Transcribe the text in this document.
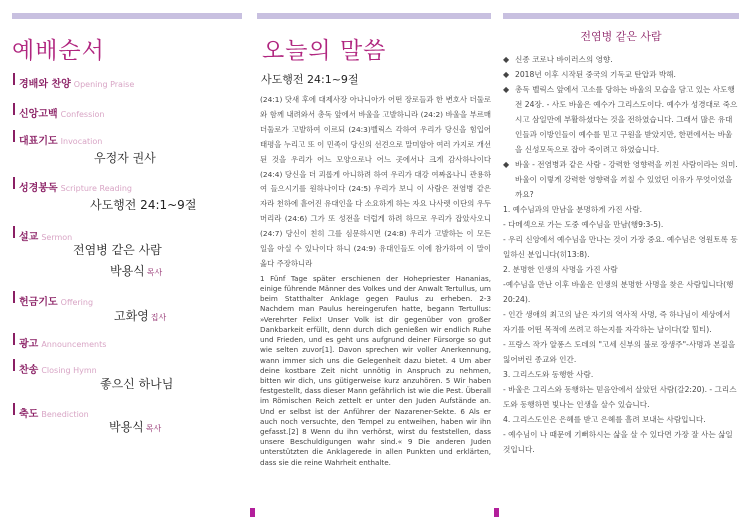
예배순서
경배와 찬양 Opening Praise
신앙고백 Confession
대표기도 Invocation
우정자 권사
성경봉독 Scripture Reading
사도행전 24:1~9절
설교 Sermon
전염병 같은 사람
박용식 목사
헌금기도 Offering
고화영 집사
광고 Announcements
찬송 Closing Hymn
좋으신 하나님
축도 Benediction
박용식 목사
오늘의 말씀
사도행전 24:1~9절
(24:1) 닷새 후에 대제사장 아나니아가 어떤 장로들과 한 변호사 더둘로와 함께 내려와서 총독 앞에서 바울을 고발하니라 (24:2) 바울을 부르매 더둘로가 고발하여 이르되 (24:3)벨릭스 각하여 우리가 당신을 힘입어 태평을 누리고 또 이 민족이 당신의 선견으로 말미암아 여러 가지로 개선된 것을 우리가 어느 모양으로나 어느 곳에서나 크게 감사하나이다 (24:4) 당신을 더 괴롭게 아니하려 하여 우리가 대강 여짜옵나니 관용하여 들으시기를 원하나이다 (24:5) 우리가 보니 이 사람은 전염병 같은 자라 천하에 흩어진 유대인을 다 소요하게 하는 자요 나사렛 이단의 우두머리라 (24:6) 그가 또 성전을 더럽게 하려 하므로 우리가 잡았사오니 (24:7) 당신이 친히 그를 심문하시면 (24:8) 우리가 고발하는 이 모든 일을 아실 수 있나이다 하니 (24:9) 유대인들도 이에 참가하여 이 말이 옳다 주장하니라
1 Fünf Tage später erschienen der Hohepriester Hananias, einige führende Männer des Volkes und der Anwalt Tertullus, um beim Statthalter Anklage gegen Paulus zu erheben. 2-3 Nachdem man Paulus hereingerufen hatte, begann Tertullus: »Verehrter Felix! Unser Volk ist dir gegenüber von großer Dankbarkeit erfüllt, denn durch dich genießen wir endlich Ruhe und Frieden, und es geht uns aufgrund deiner Fürsorge so gut wie selten zuvor[1]. Davon sprechen wir voller Anerkennung, wann immer sich uns die Gelegenheit dazu bietet. 4 Um aber deine kostbare Zeit nicht unnötig in Anspruch zu nehmen, bitten wir dich, uns gütigerweise kurz anzuhören. 5 Wir haben festgestellt, dass dieser Mann gefährlich ist wie die Pest. Überall im Römischen Reich zettelt er unter den Juden Aufstände an. Und er selbst ist der Anführer der Nazarener-Sekte. 6 Als er auch noch versuchte, den Tempel zu entweihen, haben wir ihn gefasst.[2] 8 Wenn du ihn verhörst, wirst du feststellen, dass unsere Beschuldigungen wahr sind.« 9 Die anderen Juden unterstützten die Anklagerede in allen Punkten und erklärten, dass sie die reine Wahrheit enthalte.
전염병 같은 사람
◆ 신종 코로나 바이러스의 영향.
◆ 2018년 이후 시작된 중국의 기독교 탄압과 박해.
◆ 총독 벨릭스 앞에서 고소를 당하는 바울의 모습을 담고 있는 사도행전 24장. - 사도 바울은 예수가 그리스도이다. 예수가 성경대로 죽으시고 삼일만에 부활하셨다는 것을 전하였습니다. 그래서 많은 유대인들과 이방인들이 예수를 믿고 구원을 받았지만, 한편에서는 바울을 신성모독으로 잡아 죽이려고 하였습니다.
◆ 바울 - 전염병과 같은 사람 - 강력한 영향력을 끼친 사람이라는 의미. 바울이 이렇게 강력한 영향력을 끼칠 수 있었던 이유가 무엇이었을까요?
1. 예수님과의 만남을 분명하게 가진 사람.
- 다메섹으로 가는 도중 예수님을 만남(행9:3-5).
- 우리 신앙에서 예수님을 만나는 것이 가장 중요. 예수님은 영원토록 동일하신 분입니다(히13:8).
2. 분명한 인생의 사명을 가진 사람
-예수님을 만난 이후 바울은 인생의 분명한 사명을 찾은 사람입니다(행20:24).
- 인간 생애의 최고의 날은 자기의 역사적 사명, 즉 하나님이 세상에서 자기를 어떤 목적에 쓰려고 하는지를 자각하는 날이다(칼 힐티).
- 프랑스 작가 알퐁스 도데의 "고세 신부의 불로 장생주"-사명과 본질을 잃어버린 종교와 인간.
3. 그리스도와 동행한 사람.
- 바울은 그리스와 동행하는 믿음안에서 살았던 사람(갈2:20). - 그리스도와 동행하면 빛나는 인생을 살수 있습니다.
4. 그리스도인은 은혜를 받고 은혜를 흘려 보내는 사람입니다.
- 예수님이 나 때문에 기뻐하시는 삶을 살 수 있다면 가장 잘 사는 삶일 것입니다.
